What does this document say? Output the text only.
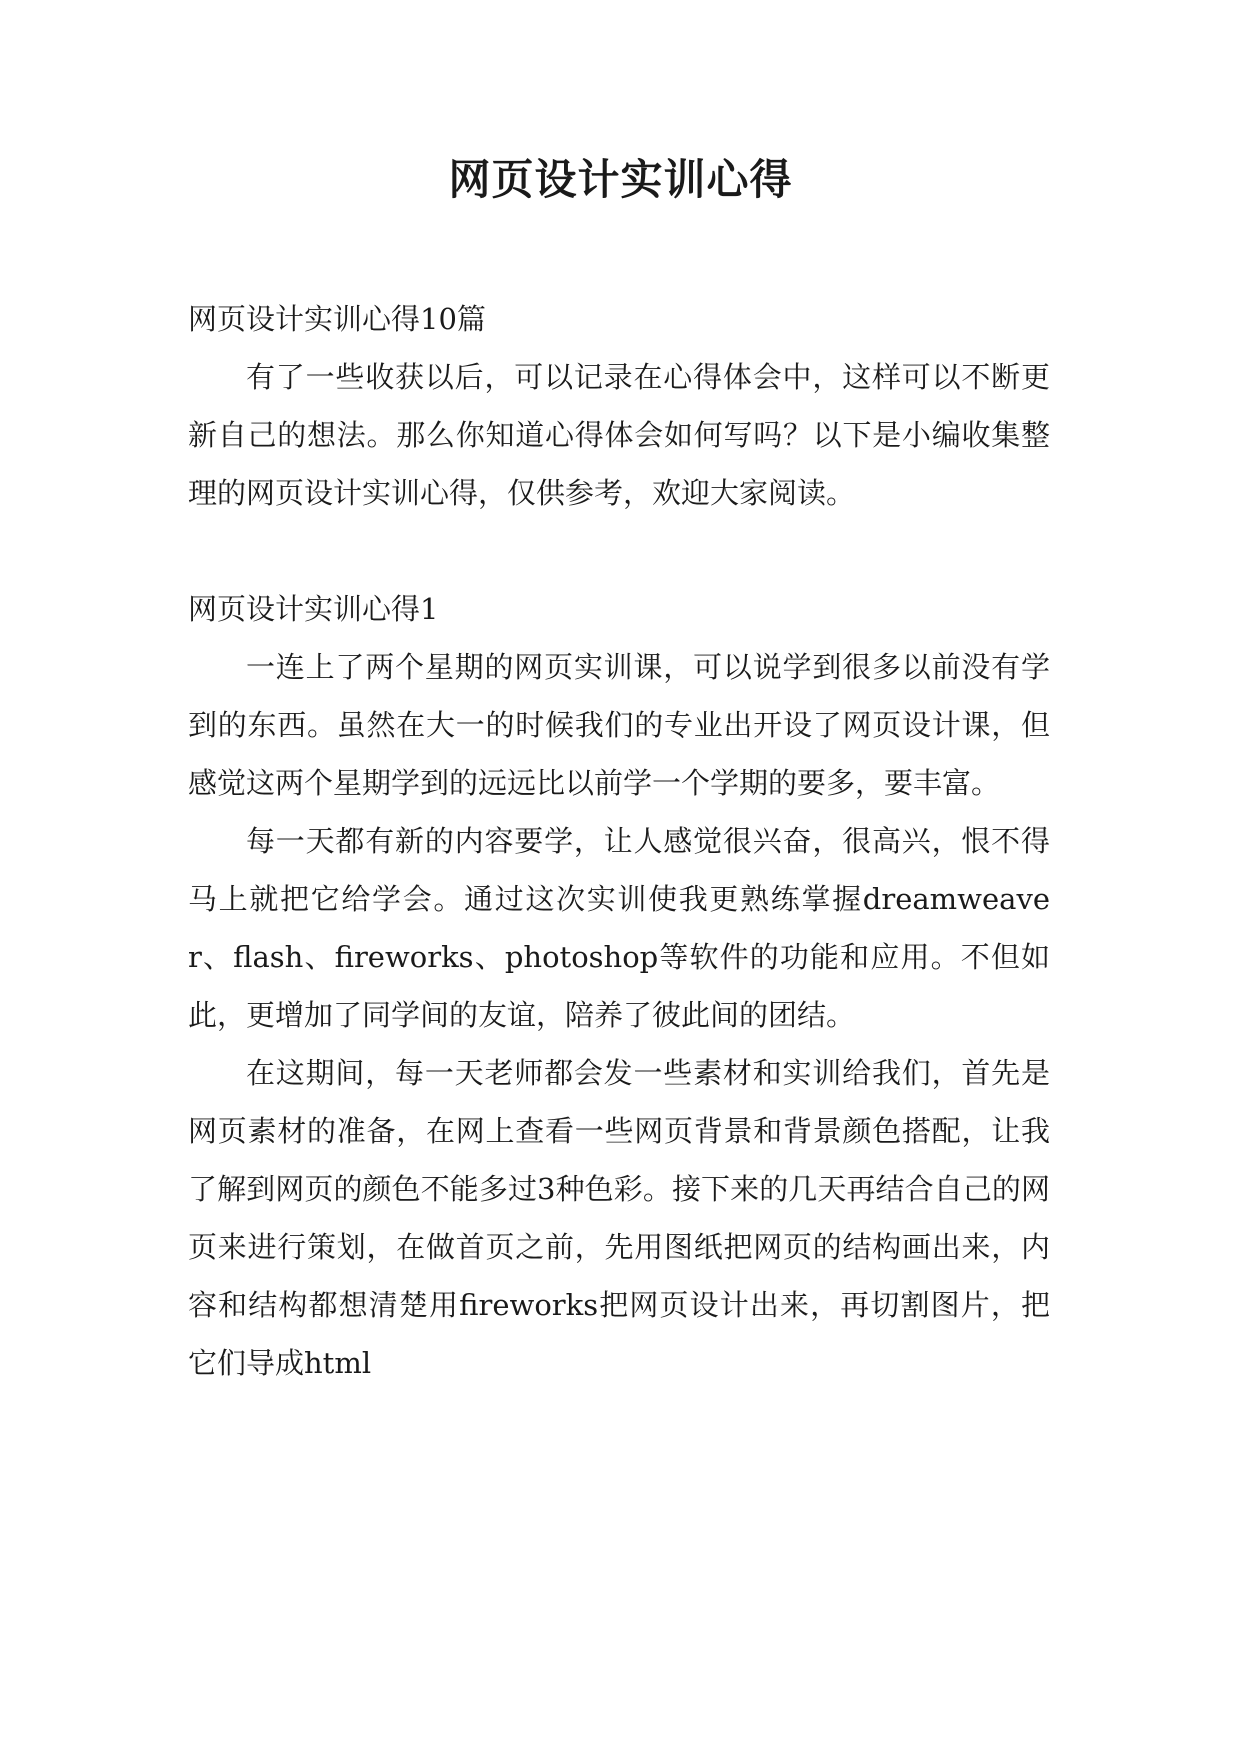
网页设计实训心得

网页设计实训心得10篇

有了一些收获以后，可以记录在心得体会中，这样可以不断更新自己的想法。那么你知道心得体会如何写吗？以下是小编收集整理的网页设计实训心得，仅供参考，欢迎大家阅读。

网页设计实训心得1

一连上了两个星期的网页实训课，可以说学到很多以前没有学到的东西。虽然在大一的时候我们的专业出开设了网页设计课，但感觉这两个星期学到的远远比以前学一个学期的要多，要丰富。

每一天都有新的内容要学，让人感觉很兴奋，很高兴，恨不得马上就把它给学会。通过这次实训使我更熟练掌握dreamweaver、flash、fireworks、photoshop等软件的功能和应用。不但如此，更增加了同学间的友谊，陪养了彼此间的团结。

在这期间，每一天老师都会发一些素材和实训给我们，首先是网页素材的准备，在网上查看一些网页背景和背景颜色搭配，让我了解到网页的颜色不能多过3种色彩。接下来的几天再结合自己的网页来进行策划，在做首页之前，先用图纸把网页的结构画出来，内容和结构都想清楚用fireworks把网页设计出来，再切割图片，把它们导成html
